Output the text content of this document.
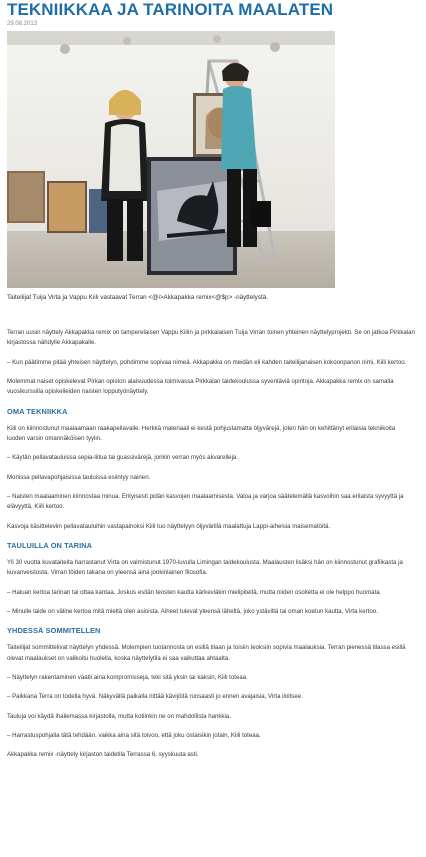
TEKNIIKKAA JA TARINOITA MAALATEN
29.08.2013
Taiteilijat Tuija Virta ja Vappu Kiili vastaavat Terran <@i>Akkapakka remix<@$p> -näyttelystä.

Terran uusin näyttely Akkapakka remix on tamperelaisen Vappu Kiilin ja pirkkalaisen Tuija Virran toinen yhteinen näyttelyprojekti. Se on jatkoa Pirkkalan kirjastossa nähdylle Akkapakalle.

– Kun päätimme pitää yhteisen näyttelyn, pohdimme sopivaa nimeä. Akkapakka on meidän eli kahden taiteilijanaisen kokoonpanon nimi, Kiili kertoo.

Molemmat naiset opiskelevat Pirkan opiston alaisuudessa toimivassa Pirkkalan taidekoulussa syventäviä opintoja. Akkapakka remix on samalla vuosikurssilla opiskelleiden naisten lopputyönäyttely.

OMA TEKNIIKKA

Kiili on kiinnostunut maalaamaan raakapellavalle. Herkkä materiaali ei kestä pohjustamatta öljyvärejä, joten hän on kehittänyt erilaisia tekniikoita luoden varsin omannäköisen tyylin.

– Käytän pellavatauluissa sepia-liitua tai guassivärejä, jonkin verran myös akvarelleja.

Monissa pellavapohjaisissa tauluissa esiintyy nainen.

– Naisten maalaaminen kiinnostaa minua. Erityisesti pidän kasvojen maalaamisesta. Valoa ja varjoa säätelemällä kasvoihin saa erilaista syvyyttä ja elävyyttä, Kiili kertoo.

Kasvoja käsitteleviin pellavatauluihin vastapainoksi Kiili tuo näyttelyyn öljyvärillä maalattuja Lappi-aiheisia maisematöitä.

TAULUILLA ON TARINA

Yli 30 vuotta kuvataiteita harrastanut Virta on valmistunut 1970-luvulla Limingan taidekoulusta. Maalausten lisäksi hän on kiinnostunut grafiikasta ja kuvanveistosta. Virran töiden takana on yleensä aina jonkinlainen filosofia.

– Haluan kertoa tarinan tai ottaa kantaa. Joskus esitän teosten kautta kärkeviäkin mielipiteitä, mutta niiden osoitetta ei ole helppo huomata.

– Minulle taide on väline kertoa mitä mieltä olen asioista. Aiheet tulevat yleensä läheltä, joko ystäviltä tai oman koetun kautta, Virta kertoo.

YHDESSÄ SOMMITELLEN

Taiteilijat sommittelivat näyttelyn yhdessä. Molempien tuotannosta on esillä tilaan ja toisiin teoksiin sopivia maalauksia. Terran pienessä tilassa esillä olevat maalaukset on valikoitu huolella, koska näyttelytila ei saa vaikuttaa ahtaalta.

– Näyttelyn rakentaminen vaatii aina kompromisseja, teki sitä yksin tai kaksin, Kiili toteaa.

– Paikkana Terra on todella hyvä. Näkyvällä paikalla riittää kävijöitä runsaasti jo ennen avajaisia, Virta iloitsee.

Tauluja voi käydä ihailemassa kirjastolla, mutta kotiinkin ne on mahdollista hankkia.

– Harrastuspohjalla tätä tehdään, vaikka aina sitä toivoo, että joku ostaisikin jotain, Kiili toteaa.

Akkapakka remix -näyttely kirjaston taidetila Terrassa 6. syyskuuta asti.
